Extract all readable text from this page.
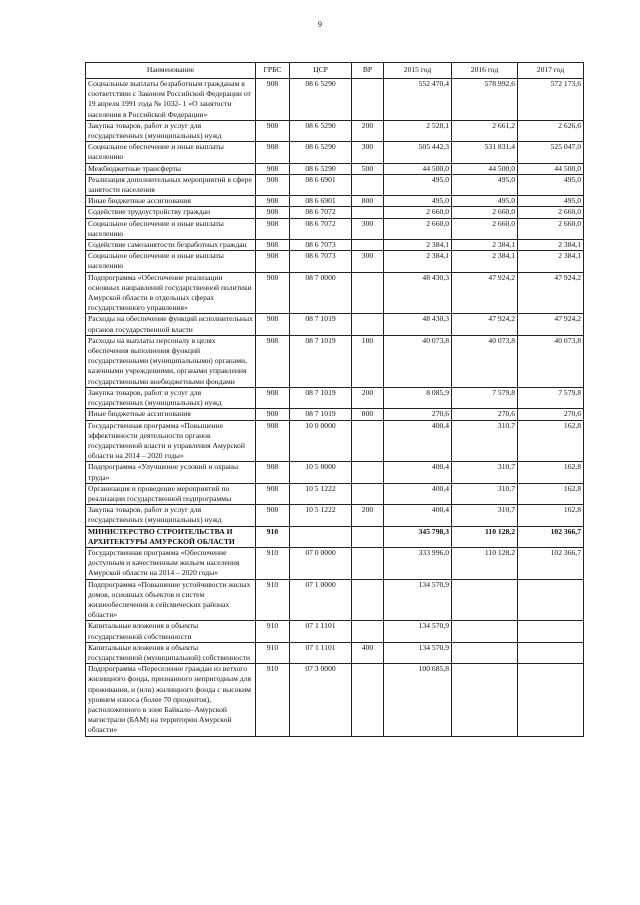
9
Наименование	ГРБС	ЦСР	ВР	2015 год	2016 год	2017 год
Социальные выплаты безработным гражданам в соответствии с Законом Российской Федерации от 19 апреля 1991 года № 1032- 1 «О занятости населения в Российской Федерации»	908	08 6 5290		552 470,4	578 992,6	572 173,6
Закупка товаров, работ и услуг для государственных (муниципальных) нужд	908	08 6 5290	200	2 528,1	2 661,2	2 626,6
Социальное обеспечение и иные выплаты населению	908	08 6 5290	300	505 442,3	531 831,4	525 047,0
Межбюджетные трансферты	908	08 6 5290	500	44 500,0	44 500,0	44 500,0
Реализация дополнительных мероприятий в сфере занятости населения	908	08 6 6901		495,0	495,0	495,0
Иные бюджетные ассигнования	908	08 6 6901	800	495,0	495,0	495,0
Содействие трудоустройству граждан	908	08 6 7072		2 660,0	2 660,0	2 660,0
Социальное обеспечение и иные выплаты населению	908	08 6 7072	300	2 660,0	2 660,0	2 660,0
Содействие самозанятости безработных граждан	908	08 6 7073		2 384,1	2 384,1	2 384,1
Социальное обеспечение и иные выплаты населению	908	08 6 7073	300	2 384,1	2 384,1	2 384,1
Подпрограмма «Обеспечение реализации основных направлений государственной политики Амурской области в отдельных сферах государственного управления»	908	08 7 0000		48 430,3	47 924,2	47 924,2
Расходы на обеспечение функций исполнительных органов государственной власти	908	08 7 1019		48 430,3	47 924,2	47 924,2
Расходы на выплаты персоналу в целях обеспечения выполнения функций государственными (муниципальными) органами, казенными учреждениями, органами управления государственными внебюджетными фондами	908	08 7 1019	100	40 073,8	40 073,8	40 073,8
Закупка товаров, работ и услуг для государственных (муниципальных) нужд	908	08 7 1019	200	8 085,9	7 579,8	7 579,8
Иные бюджетные ассигнования	908	08 7 1019	800	270,6	270,6	270,6
Государственная программа «Повышение эффективности деятельности органов государственной власти и управления Амурской области на 2014 – 2020 годы»	908	10 0 0000		400,4	310,7	162,8
Подпрограмма «Улучшение условий и охраны труда»	908	10 5 0000		400,4	310,7	162,8
Организация и проведение мероприятий по реализации государственной подпрограммы	908	10 5 1222		400,4	310,7	162,8
Закупка товаров, работ и услуг для государственных (муниципальных) нужд	908	10 5 1222	200	400,4	310,7	162,8
МИНИСТЕРСТВО СТРОИТЕЛЬСТВА И АРХИТЕКТУРЫ АМУРСКОЙ ОБЛАСТИ	910			345 798,3	110 128,2	102 366,7
Государственная программа «Обеспечение доступным и качественным жильем населения Амурской области на 2014 – 2020 годы»	910	07 0 0000		333 996,0	110 128,2	102 366,7
Подпрограмма «Повышение устойчивости жилых домов, основных объектов и систем жизнеобеспечения в сейсмических районах области»	910	07 1 0000		134 570,9		
Капитальные вложения в объекты государственной собственности	910	07 1 1101		134 570,9		
Капитальные вложения в объекты государственной (муниципальной) собственности	910	07 1 1101	400	134 570,9		
Подпрограмма «Переселение граждан из ветхого жилищного фонда, признанного непригодным для проживания, и (или) жилищного фонда с высоким уровнем износа (более 70 процентов), расположенного в зоне Байкало–Амурской магистрали (БАМ) на территории Амурской области»	910	07 3 0000		100 685,8		
